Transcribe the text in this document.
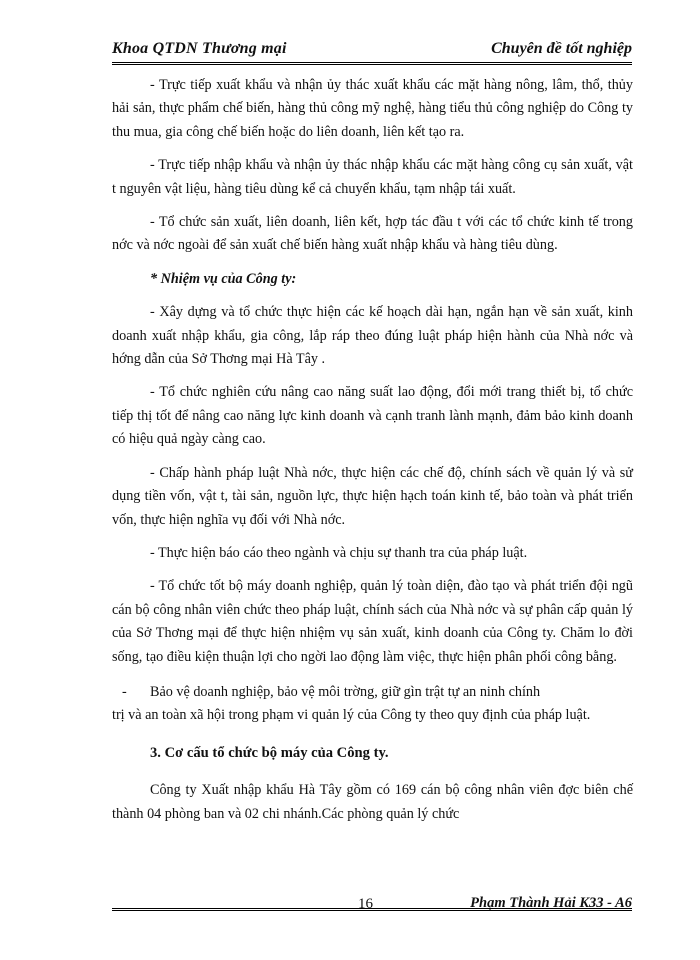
Khoa QTDN Thương mại	Chuyên đề tốt nghiệp

- Trực tiếp xuất khẩu và nhận ủy thác xuất khẩu các mặt hàng nông, lâm, thổ, thủy hải sản, thực phẩm chế biến, hàng thủ công mỹ nghệ, hàng tiểu thủ công nghiệp do Công ty thu mua, gia công chế biến hoặc do liên doanh, liên kết tạo ra.

- Trực tiếp nhập khẩu và nhận ủy thác nhập khẩu các mặt hàng công cụ sản xuất, vật t nguyên vật liệu, hàng tiêu dùng kể cả chuyển khẩu, tạm nhập tái xuất.

- Tổ chức sản xuất, liên doanh, liên kết, hợp tác đầu t với các tổ chức kinh tế trong nớc và nớc ngoài để sản xuất chế biến hàng xuất nhập khẩu và hàng tiêu dùng.

* Nhiệm vụ của Công ty:

- Xây dựng và tổ chức thực hiện các kế hoạch dài hạn, ngắn hạn về sản xuất, kinh doanh xuất nhập khẩu, gia công, lắp ráp theo đúng luật pháp hiện hành của Nhà nớc và hớng dẫn của Sở Thơng mại Hà Tây .

- Tổ chức nghiên cứu nâng cao năng suất lao động, đổi mới trang thiết bị, tổ chức tiếp thị tốt để nâng cao năng lực kinh doanh và cạnh tranh lành mạnh, đảm bảo kinh doanh có hiệu quả ngày càng cao.

- Chấp hành pháp luật Nhà nớc, thực hiện các chế độ, chính sách về quản lý và sử dụng tiền vốn, vật t, tài sản, nguồn lực, thực hiện hạch toán kinh tế, bảo toàn và phát triển vốn, thực hiện nghĩa vụ đối với Nhà nớc.

- Thực hiện báo cáo theo ngành và chịu sự thanh tra của pháp luật.

- Tổ chức tốt bộ máy doanh nghiệp, quản lý toàn diện, đào tạo và phát triển đội ngũ cán bộ công nhân viên chức theo pháp luật, chính sách của Nhà nớc và sự phân cấp quản lý của Sở Thơng mại để thực hiện nhiệm vụ sản xuất, kinh doanh của Công ty. Chăm lo đời sống, tạo điều kiện thuận lợi cho ngời lao động làm việc, thực hiện phân phối công bằng.

- Bảo vệ doanh nghiệp, bảo vệ môi trờng, giữ gìn trật tự an ninh chính
trị và an toàn xã hội trong phạm vi quản lý của Công ty theo quy định của pháp luật.

3. Cơ cấu tổ chức bộ máy của Công ty.

Công ty Xuất nhập khẩu Hà Tây gồm có 169 cán bộ công nhân viên đợc biên chế thành 04 phòng ban và 02 chi nhánh.Các phòng quản lý chức

16	Phạm Thành Hải K33 - A6
